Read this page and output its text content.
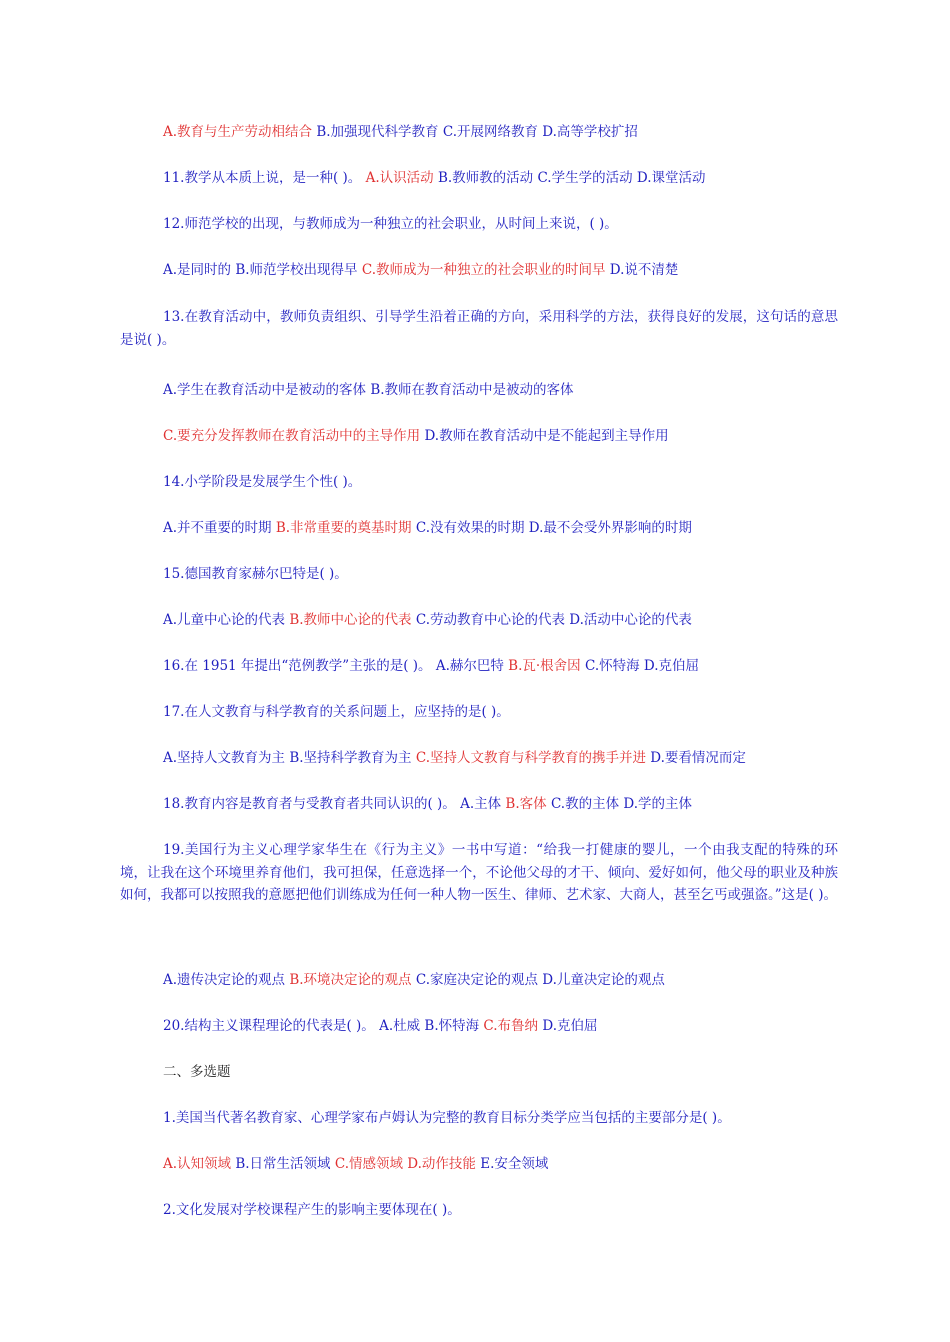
A.教育与生产劳动相结合 B.加强现代科学教育 C.开展网络教育 D.高等学校扩招
11.教学从本质上说，是一种( )。 A.认识活动 B.教师教的活动 C.学生学的活动 D.课堂活动
12.师范学校的出现，与教师成为一种独立的社会职业，从时间上来说，( )。
A.是同时的 B.师范学校出现得早 C.教师成为一种独立的社会职业的时间早 D.说不清楚
A.学生在教育活动中是被动的客体 B.教师在教育活动中是被动的客体
C.要充分发挥教师在教育活动中的主导作用 D.教师在教育活动中是不能起到主导作用
14.小学阶段是发展学生个性( )。
A.并不重要的时期 B.非常重要的奠基时期 C.没有效果的时期 D.最不会受外界影响的时期
15.德国教育家赫尔巴特是( )。
A.儿童中心论的代表 B.教师中心论的代表 C.劳动教育中心论的代表 D.活动中心论的代表
16.在 1951 年提出“范例教学”主张的是( )。 A.赫尔巴特 B.瓦·根舍因 C.怀特海 D.克伯屈
17.在人文教育与科学教育的关系问题上，应坚持的是( )。
A.坚持人文教育为主 B.坚持科学教育为主 C.坚持人文教育与科学教育的携手并进 D.要看情况而定
18.教育内容是教育者与受教育者共同认识的( )。 A.主体 B.客体 C.教的主体 D.学的主体
A.遗传决定论的观点 B.环境决定论的观点 C.家庭决定论的观点 D.儿童决定论的观点
20.结构主义课程理论的代表是( )。 A.杜威 B.怀特海 C.布鲁纳 D.克伯屈
二、多选题
1.美国当代著名教育家、心理学家布卢姆认为完整的教育目标分类学应当包括的主要部分是( )。
A.认知领域 B.日常生活领域 C.情感领域 D.动作技能 E.安全领域
2.文化发展对学校课程产生的影响主要体现在( )。
13.在教育活动中，教师负责组织、引导学生沿着正确的方向，采用科学的方法，获得良好的发展，这句话的意思是说( )。
19.美国行为主义心理学家华生在《行为主义》一书中写道：“给我一打健康的婴儿，一个由我支配的特殊的环境，让我在这个环境里养育他们，我可担保，任意选择一个，不论他父母的才干、倾向、爱好如何，他父母的职业及种族如何，我都可以按照我的意愿把他们训练成为任何一种人物一医生、律师、艺术家、大商人，甚至乞丐或强盗。”这是( )。
